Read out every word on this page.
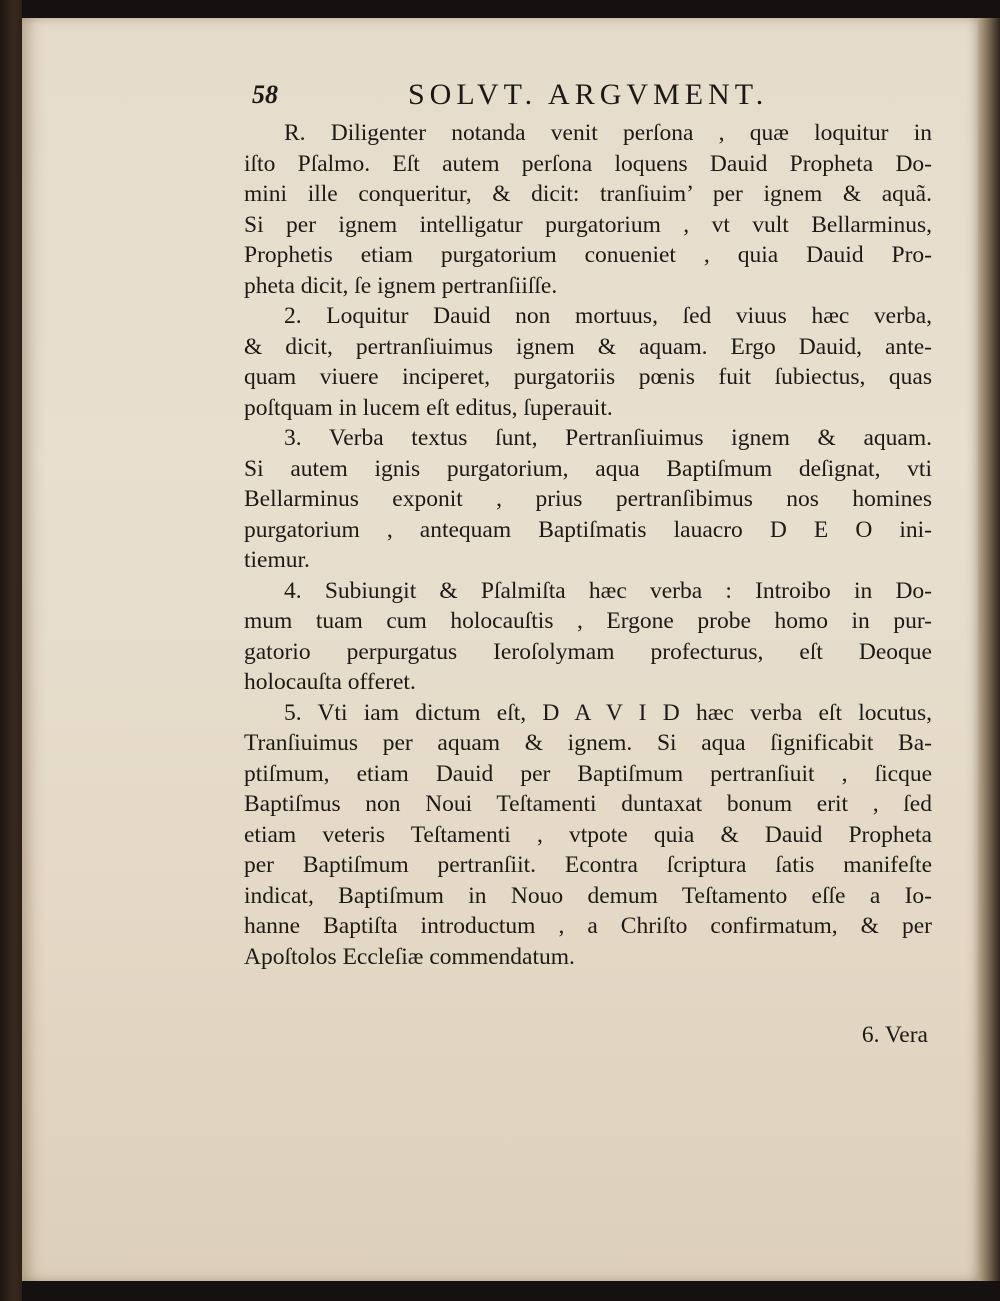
58	SOLVT. ARGVMENT.
R. Diligenter notanda venit perſona , quæ loquitur in
iſto Pſalmo. Eſt autem perſona loquens Dauid Propheta Do-
mini ille conqueritur, & dicit: tranſiuim’ per ignem & aquã.
Si per ignem intelligatur purgatorium , vt vult Bellarminus,
Prophetis etiam purgatorium conueniet , quia Dauid Pro-
pheta dicit, ſe ignem pertranſiiſſe.
2. Loquitur Dauid non mortuus, ſed viuus hæc verba,
& dicit, pertranſiuimus ignem & aquam. Ergo Dauid, ante-
quam viuere inciperet, purgatoriis pœnis fuit ſubiectus, quas
poſtquam in lucem eſt editus, ſuperauit.
3. Verba textus ſunt, Pertranſiuimus ignem & aquam.
Si autem ignis purgatorium, aqua Baptiſmum deſignat, vti
Bellarminus exponit , prius pertranſibimus nos homines
purgatorium , antequam Baptiſmatis lauacro D E O ini-
tiemur.
4. Subiungit & Pſalmiſta hæc verba : Introibo in Do-
mum tuam cum holocauſtis , Ergone probe homo in pur-
gatorio perpurgatus Ieroſolymam profecturus, eſt Deoque
holocauſta offeret.
5. Vti iam dictum eſt, D A V I D hæc verba eſt locutus,
Tranſiuimus per aquam & ignem. Si aqua ſignificabit Ba-
ptiſmum, etiam Dauid per Baptiſmum pertranſiuit , ſicque
Baptiſmus non Noui Teſtamenti duntaxat bonum erit , ſed
etiam veteris Teſtamenti , vtpote quia & Dauid Propheta
per Baptiſmum pertranſiit. Econtra ſcriptura ſatis manifeſte
indicat, Baptiſmum in Nouo demum Teſtamento eſſe a Io-
hanne Baptiſta introductum , a Chriſto confirmatum, & per
Apoſtolos Eccleſiæ commendatum.
6. Vera
